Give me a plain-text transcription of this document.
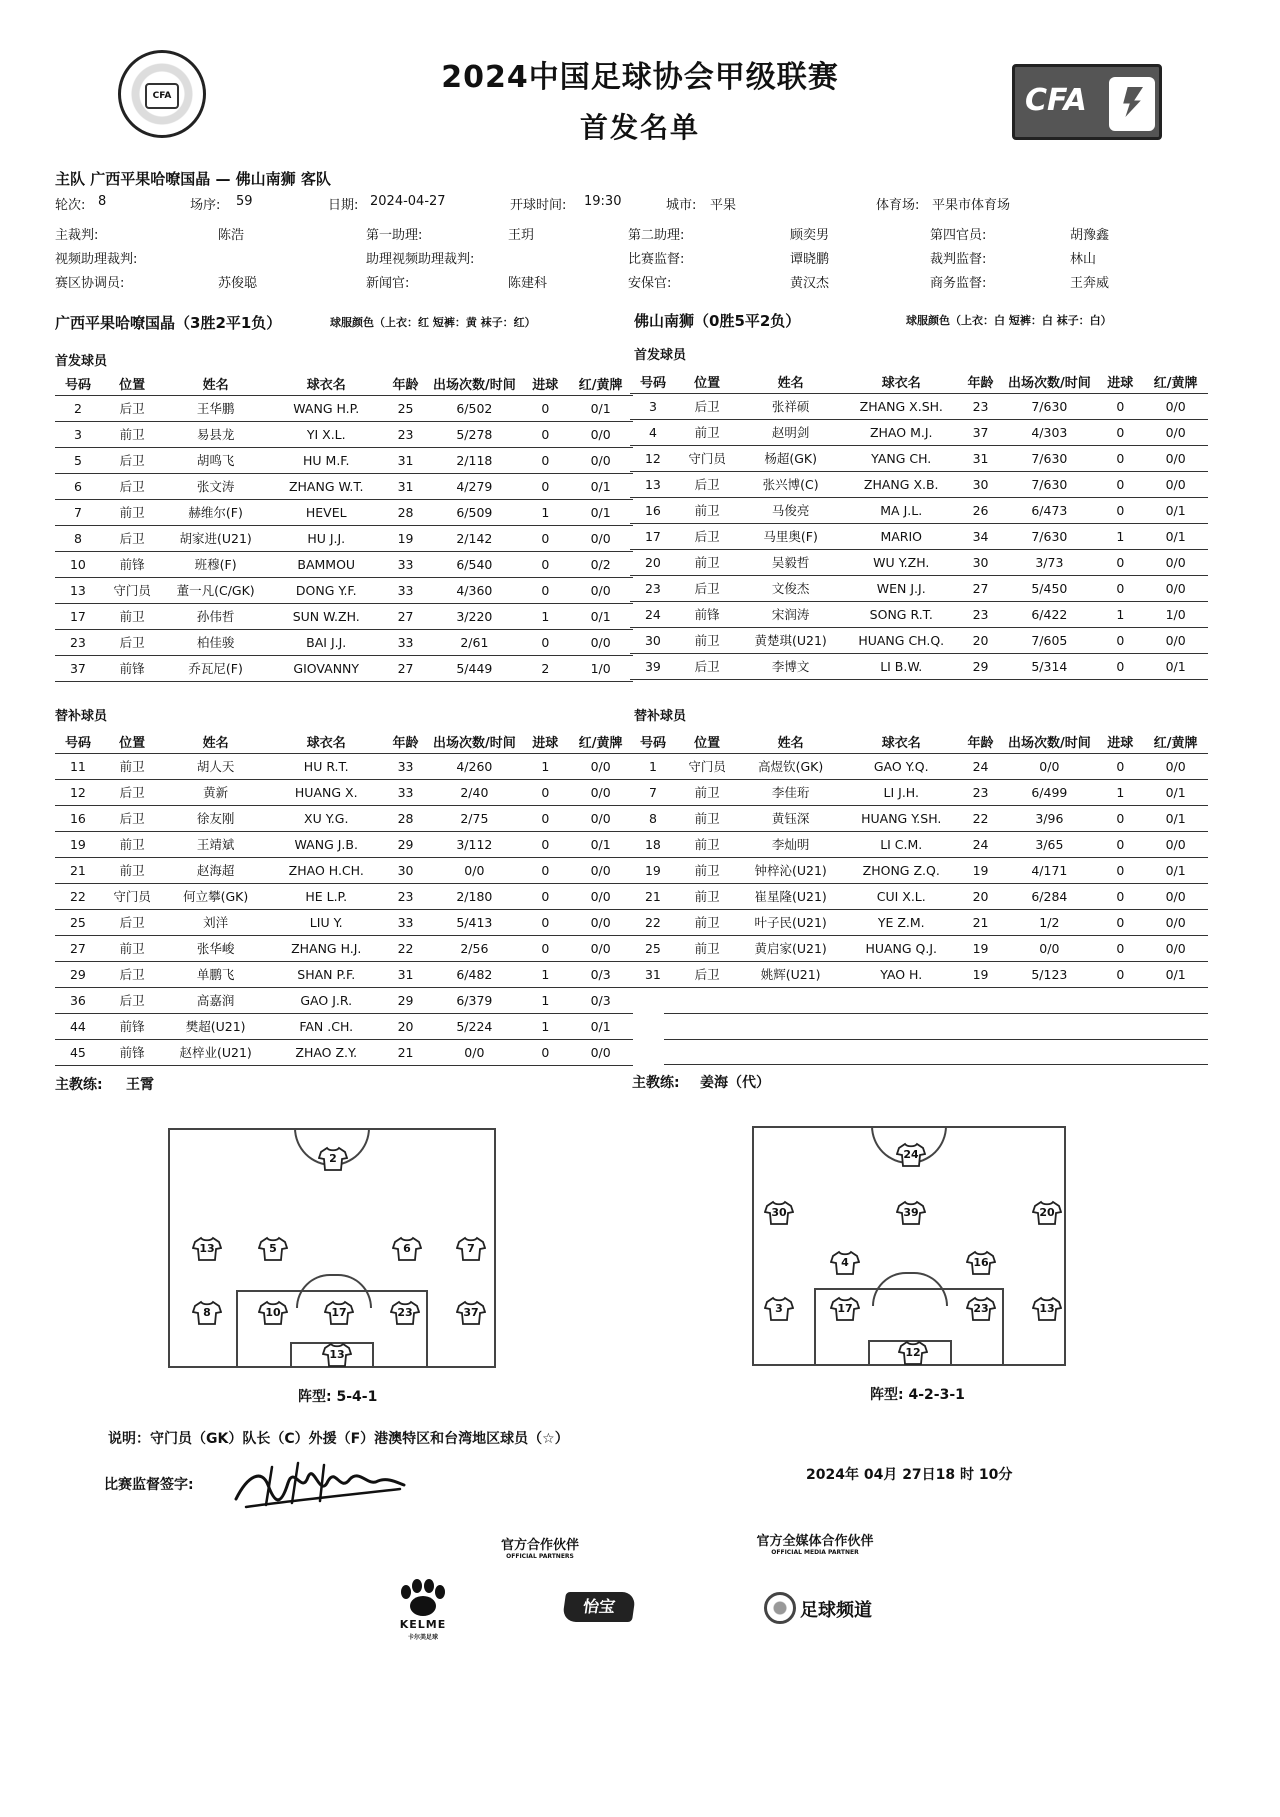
CFA
2024中国足球协会甲级联赛
首发名单
CFA
主队 广西平果哈嘹国晶 — 佛山南狮 客队
轮次: 8	场序: 59	日期: 2024-04-27	开球时间: 19:30	城市: 平果	体育场: 平果市体育场
主裁判:	陈浩	第一助理:	王玥	第二助理:	顾奕男	第四官员:	胡豫鑫
视频助理裁判:	助理视频助理裁判:	比赛监督:	谭晓鹏	裁判监督:	林山
赛区协调员:	苏俊聪	新闻官:	陈建科	安保官:	黄汉杰	商务监督:	王奔威
广西平果哈嘹国晶（3胜2平1负）	球服颜色（上衣：红 短裤：黄 袜子：红）	佛山南狮（0胜5平2负）	球服颜色（上衣：白 短裤：白 袜子：白）
首发球员	首发球员
号码	位置	姓名	球衣名	年龄	出场次数/时间	进球	红/黄牌
2	后卫	王华鹏	WANG H.P.	25	6/502	0	0/1
3	前卫	易县龙	YI X.L.	23	5/278	0	0/0
5	后卫	胡鸣飞	HU M.F.	31	2/118	0	0/0
6	后卫	张文涛	ZHANG W.T.	31	4/279	0	0/1
7	前卫	赫维尔(F)	HEVEL	28	6/509	1	0/1
8	后卫	胡家进(U21)	HU J.J.	19	2/142	0	0/0
10	前锋	班穆(F)	BAMMOU	33	6/540	0	0/2
13	守门员	董一凡(C/GK)	DONG Y.F.	33	4/360	0	0/0
17	前卫	孙伟哲	SUN W.ZH.	27	3/220	1	0/1
23	后卫	柏佳骏	BAI J.J.	33	2/61	0	0/0
37	前锋	乔瓦尼(F)	GIOVANNY	27	5/449	2	1/0
号码	位置	姓名	球衣名	年龄	出场次数/时间	进球	红/黄牌
3	后卫	张祥硕	ZHANG X.SH.	23	7/630	0	0/0
4	前卫	赵明剑	ZHAO M.J.	37	4/303	0	0/0
12	守门员	杨超(GK)	YANG CH.	31	7/630	0	0/0
13	后卫	张兴博(C)	ZHANG X.B.	30	7/630	0	0/0
16	前卫	马俊亮	MA J.L.	26	6/473	0	0/1
17	后卫	马里奥(F)	MARIO	34	7/630	1	0/1
20	前卫	吴毅哲	WU Y.ZH.	30	3/73	0	0/0
23	后卫	文俊杰	WEN J.J.	27	5/450	0	0/0
24	前锋	宋润涛	SONG R.T.	23	6/422	1	1/0
30	前卫	黄楚琪(U21)	HUANG CH.Q.	20	7/605	0	0/0
39	后卫	李博文	LI B.W.	29	5/314	0	0/1
替补球员	替补球员
号码	位置	姓名	球衣名	年龄	出场次数/时间	进球	红/黄牌
11	前卫	胡人天	HU R.T.	33	4/260	1	0/0
12	后卫	黄新	HUANG X.	33	2/40	0	0/0
16	后卫	徐友刚	XU Y.G.	28	2/75	0	0/0
19	前卫	王靖斌	WANG J.B.	29	3/112	0	0/1
21	前卫	赵海超	ZHAO H.CH.	30	0/0	0	0/0
22	守门员	何立攀(GK)	HE L.P.	23	2/180	0	0/0
25	后卫	刘洋	LIU Y.	33	5/413	0	0/0
27	前卫	张华峻	ZHANG H.J.	22	2/56	0	0/0
29	后卫	单鹏飞	SHAN P.F.	31	6/482	1	0/3
36	后卫	高嘉润	GAO J.R.	29	6/379	1	0/3
44	前锋	樊超(U21)	FAN .CH.	20	5/224	1	0/1
45	前锋	赵梓业(U21)	ZHAO Z.Y.	21	0/0	0	0/0
号码	位置	姓名	球衣名	年龄	出场次数/时间	进球	红/黄牌
1	守门员	高煜钦(GK)	GAO Y.Q.	24	0/0	0	0/0
7	前卫	李佳珩	LI J.H.	23	6/499	1	0/1
8	前卫	黄钰深	HUANG Y.SH.	22	3/96	0	0/1
18	前卫	李灿明	LI C.M.	24	3/65	0	0/0
19	前卫	钟梓沁(U21)	ZHONG Z.Q.	19	4/171	0	0/1
21	前卫	崔星隆(U21)	CUI X.L.	20	6/284	0	0/0
22	前卫	叶子民(U21)	YE Z.M.	21	1/2	0	0/0
25	前卫	黄启家(U21)	HUANG Q.J.	19	0/0	0	0/0
31	后卫	姚辉(U21)	YAO H.	19	5/123	0	0/1
主教练: 王霄	主教练: 姜海（代）
2
13	5	6	7
8	10	17	23	37
13
阵型: 5-4-1
24
30	39	20
4	16
3	17	23	13
12
阵型: 4-2-3-1
说明：守门员（GK）队长（C）外援（F）港澳特区和台湾地区球员（☆）
比赛监督签字:
2024年 04月 27日18 时 10分
官方合作伙伴
OFFICIAL PARTNERS
官方全媒体合作伙伴
OFFICIAL MEDIA PARTNER
KELME
卡尔美足球
怡宝	足球频道
